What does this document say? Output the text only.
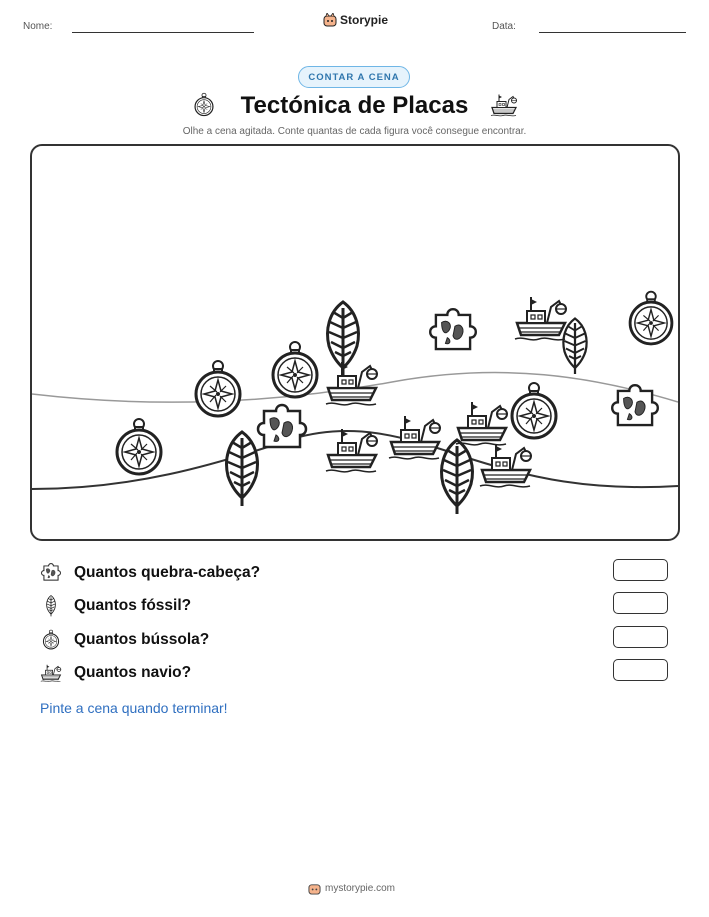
Nome:	Storypie	Data:
CONTAR A CENA
Tectónica de Placas
Olhe a cena agitada. Conte quantas de cada figura você consegue encontrar.
Quantos quebra-cabeça?
Quantos fóssil?
Quantos bússola?
Quantos navio?
Pinte a cena quando terminar!
mystorypie.com
